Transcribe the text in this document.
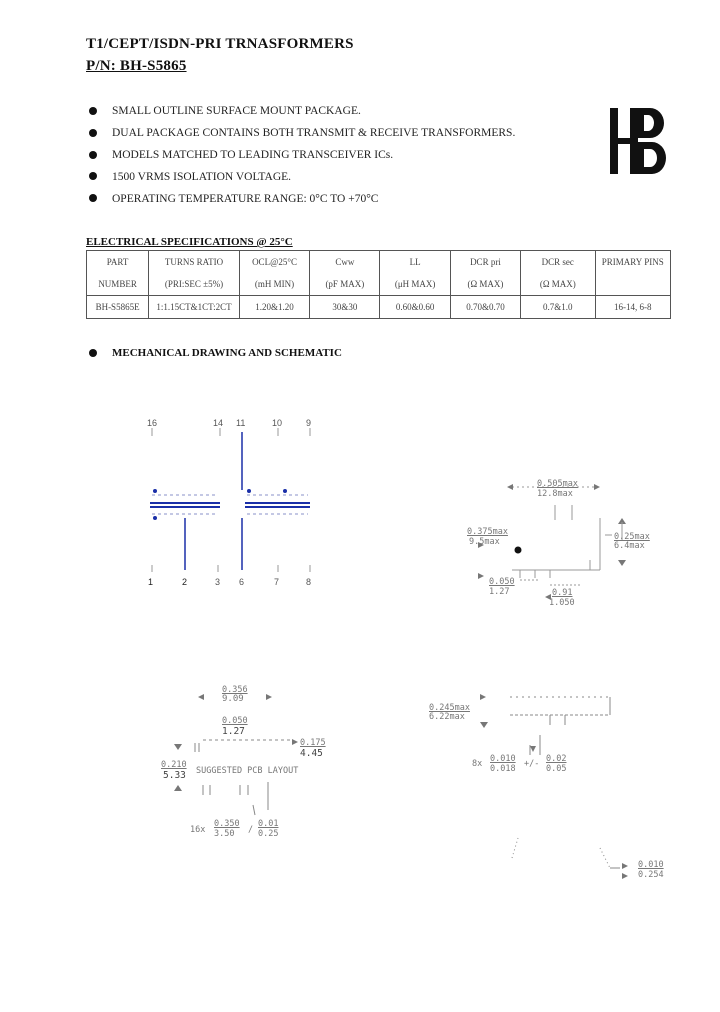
T1/CEPT/ISDN-PRI TRNASFORMERS
P/N: BH-S5865
SMALL OUTLINE SURFACE MOUNT PACKAGE.
DUAL PACKAGE CONTAINS BOTH TRANSMIT & RECEIVE TRANSFORMERS.
MODELS MATCHED TO LEADING TRANSCEIVER ICs.
1500 VRMS ISOLATION VOLTAGE.
OPERATING TEMPERATURE RANGE: 0°C TO +70°C
ELECTRICAL SPECIFICATIONS @ 25°C
PART	TURNS RATIO	OCL@25°C	Cww	LL	DCR pri	DCR sec	PRIMARY PINS
NUMBER	(PRI:SEC ±5%)	(mH MIN)	(pF MAX)	(μH MAX)	(Ω MAX)	(Ω MAX)	
BH-S5865E	1:1.15CT&1CT:2CT	1.20&1.20	30&30	0.60&0.60	0.70&0.70	0.7&1.0	16-14, 6-8
MECHANICAL DRAWING AND SCHEMATIC
16	14 11	10	9
1	2	3 6	7	8
0.505max
12.8max
0.375max
9.5max	0.25max
6.4max
0.050
1.27	0.91
1.050
0.356
9.09
0.050
1.27
0.175
4.45
0.210
5.33 SUGGESTED PCB LAYOUT
16x
0.350
3.50 /
0.01
0.25
0.245max
6.22max
8x 0.010
0.018 +/- 0.02
0.05
0.010
0.254
